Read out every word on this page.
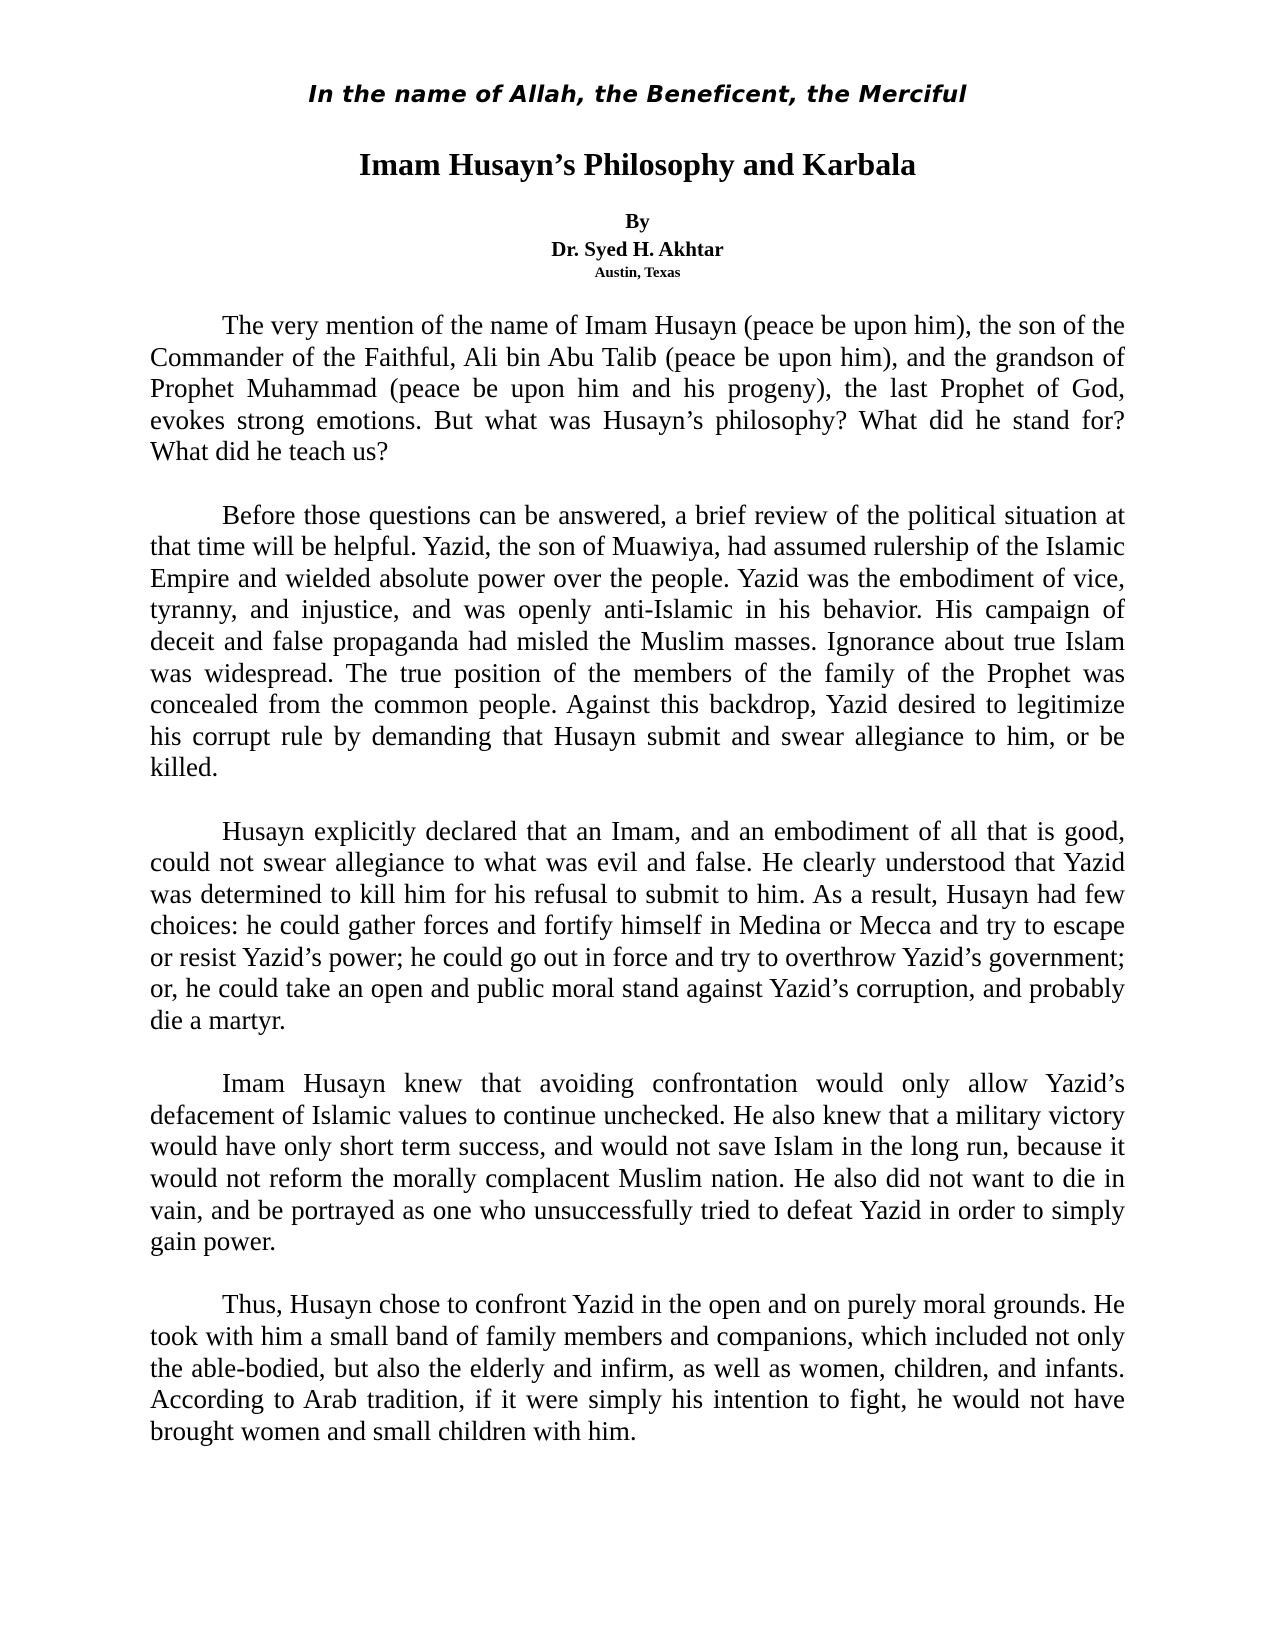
In the name of Allah, the Beneficent, the Merciful

Imam Husayn’s Philosophy and Karbala

By

Dr. Syed H. Akhtar

Austin, Texas

The very mention of the name of Imam Husayn (peace be upon him), the son of the Commander of the Faithful, Ali bin Abu Talib (peace be upon him), and the grandson of Prophet Muhammad (peace be upon him and his progeny), the last Prophet of God, evokes strong emotions. But what was Husayn’s philosophy? What did he stand for? What did he teach us?

Before those questions can be answered, a brief review of the political situation at that time will be helpful. Yazid, the son of Muawiya, had assumed rulership of the Islamic Empire and wielded absolute power over the people. Yazid was the embodiment of vice, tyranny, and injustice, and was openly anti-Islamic in his behavior. His campaign of deceit and false propaganda had misled the Muslim masses. Ignorance about true Islam was widespread. The true position of the members of the family of the Prophet was concealed from the common people. Against this backdrop, Yazid desired to legitimize his corrupt rule by demanding that Husayn submit and swear allegiance to him, or be killed.

Husayn explicitly declared that an Imam, and an embodiment of all that is good, could not swear allegiance to what was evil and false. He clearly understood that Yazid was determined to kill him for his refusal to submit to him. As a result, Husayn had few choices: he could gather forces and fortify himself in Medina or Mecca and try to escape or resist Yazid’s power; he could go out in force and try to overthrow Yazid’s government; or, he could take an open and public moral stand against Yazid’s corruption, and probably die a martyr.

Imam Husayn knew that avoiding confrontation would only allow Yazid’s defacement of Islamic values to continue unchecked. He also knew that a military victory would have only short term success, and would not save Islam in the long run, because it would not reform the morally complacent Muslim nation. He also did not want to die in vain, and be portrayed as one who unsuccessfully tried to defeat Yazid in order to simply gain power.

Thus, Husayn chose to confront Yazid in the open and on purely moral grounds. He took with him a small band of family members and companions, which included not only the able-bodied, but also the elderly and infirm, as well as women, children, and infants. According to Arab tradition, if it were simply his intention to fight, he would not have brought women and small children with him.
